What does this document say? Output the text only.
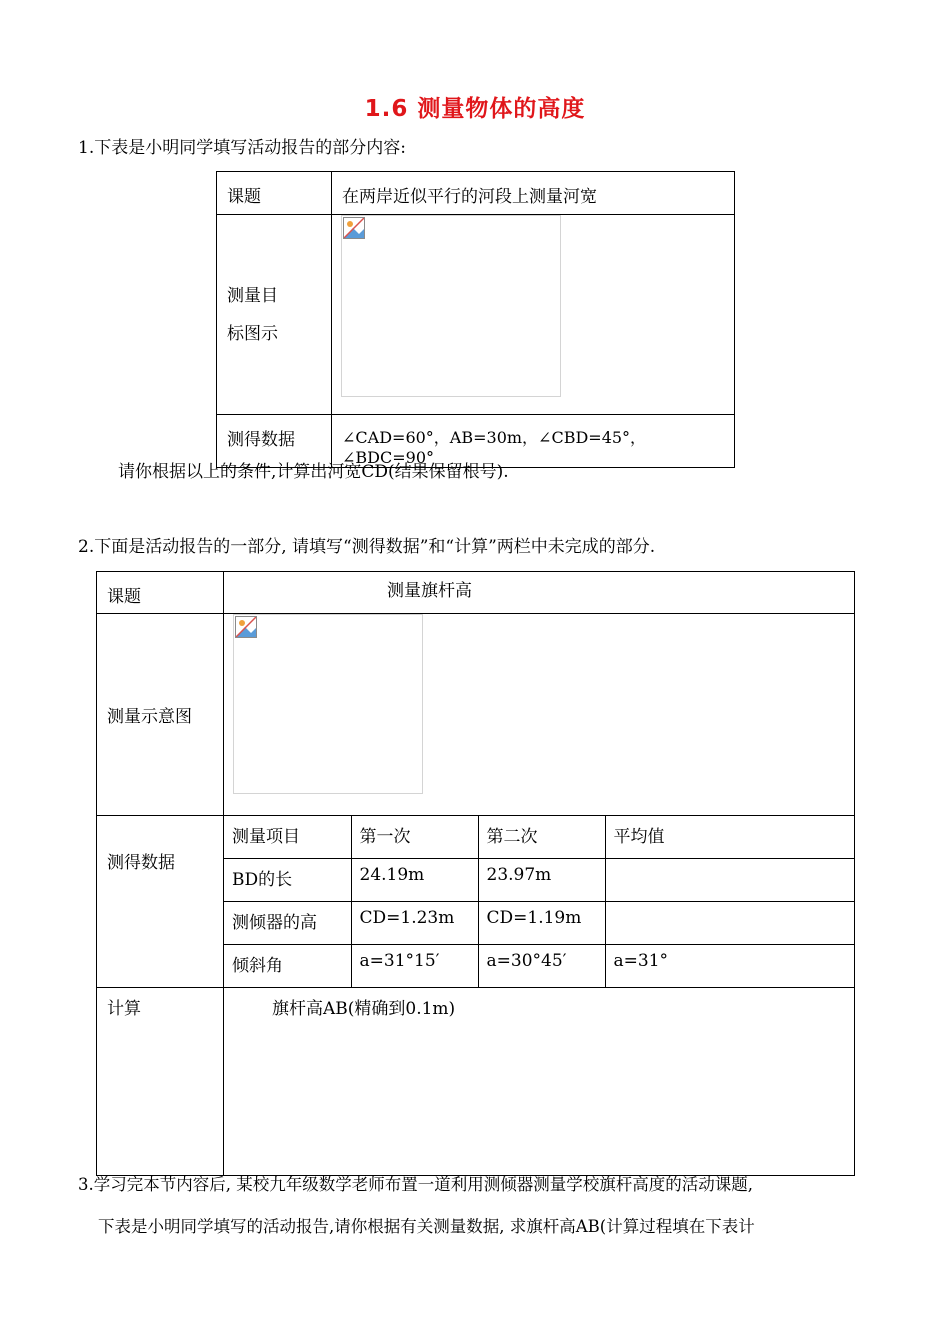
1.6 测量物体的高度
1.下表是小明同学填写活动报告的部分内容:
课题	在两岸近似平行的河段上测量河宽

测量目
标图示

测得数据	∠CAD=60°，AB=30m，∠CBD=45°，∠BDC=90°
请你根据以上的条件,计算出河宽CD(结果保留根号).
2.下面是活动报告的一部分, 请填写“测得数据”和“计算”两栏中未完成的部分.
课题	测量旗杆高
测量示意图	

测得数据	
测量项目	第一次	第二次	平均值
BD的长	24.19m	23.97m	
测倾器的高	CD=1.23m	CD=1.19m	
倾斜角	a=31°15′	a=30°45′	a=31°

计算	旗杆高AB(精确到0.1m)
3.学习完本节内容后, 某校九年级数学老师布置一道利用测倾器测量学校旗杆高度的活动课题,
下表是小明同学填写的活动报告,请你根据有关测量数据, 求旗杆高AB(计算过程填在下表计
